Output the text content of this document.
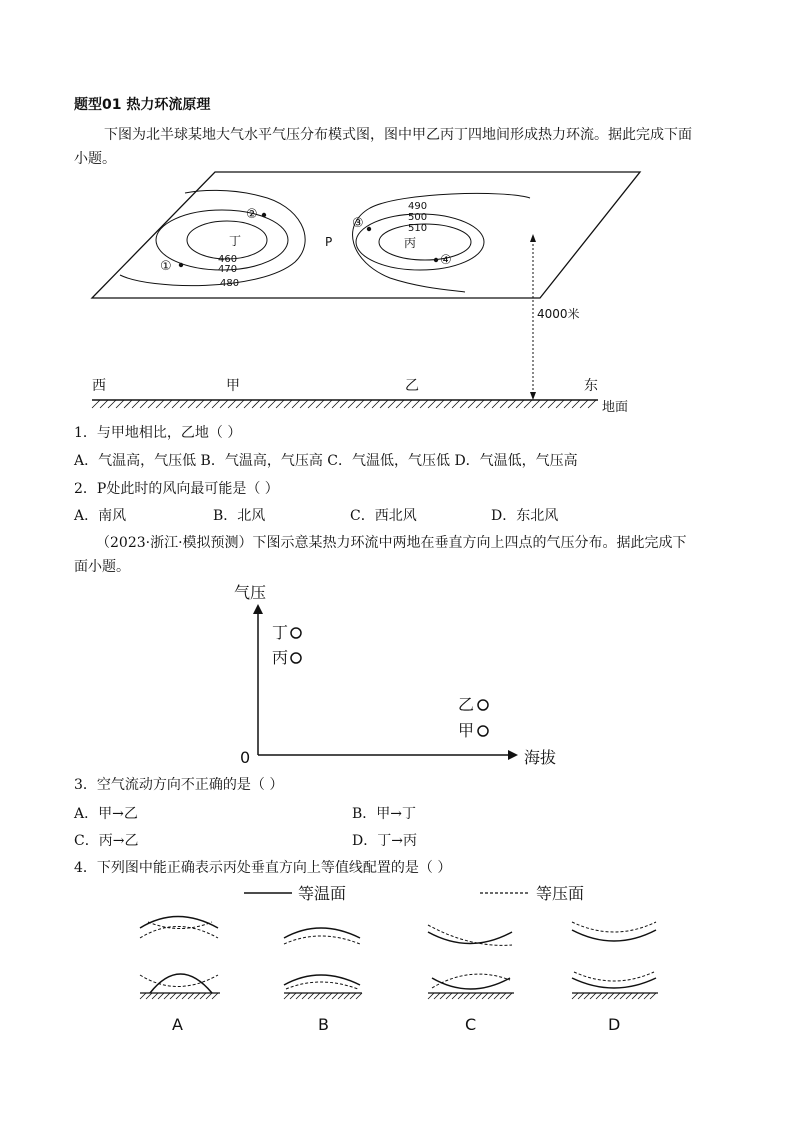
题型01 热力环流原理
下图为北半球某地大气水平气压分布模式图，图中甲乙丙丁四地间形成热力环流。据此完成下面
小题。
②
①
丁
460
470
480
P
③
④
丙
490
500
510
4000米
西	甲	乙	东
地面
1．与甲地相比，乙地（ ）
A．气温高，气压低 B．气温高，气压高 C．气温低，气压低 D．气温低，气压高
2．P处此时的风向最可能是（ ）
A．南风	B．北风	C．西北风	D．东北风
（2023·浙江·模拟预测）下图示意某热力环流中两地在垂直方向上四点的气压分布。据此完成下
面小题。
气压
海拔
0
丁
丙
乙
甲
3．空气流动方向不正确的是（ ）
A．甲→乙	B．甲→丁
C．丙→乙	D．丁→丙
4．下列图中能正确表示丙处垂直方向上等值线配置的是（ ）
等温面	等压面
A	B	C	D
